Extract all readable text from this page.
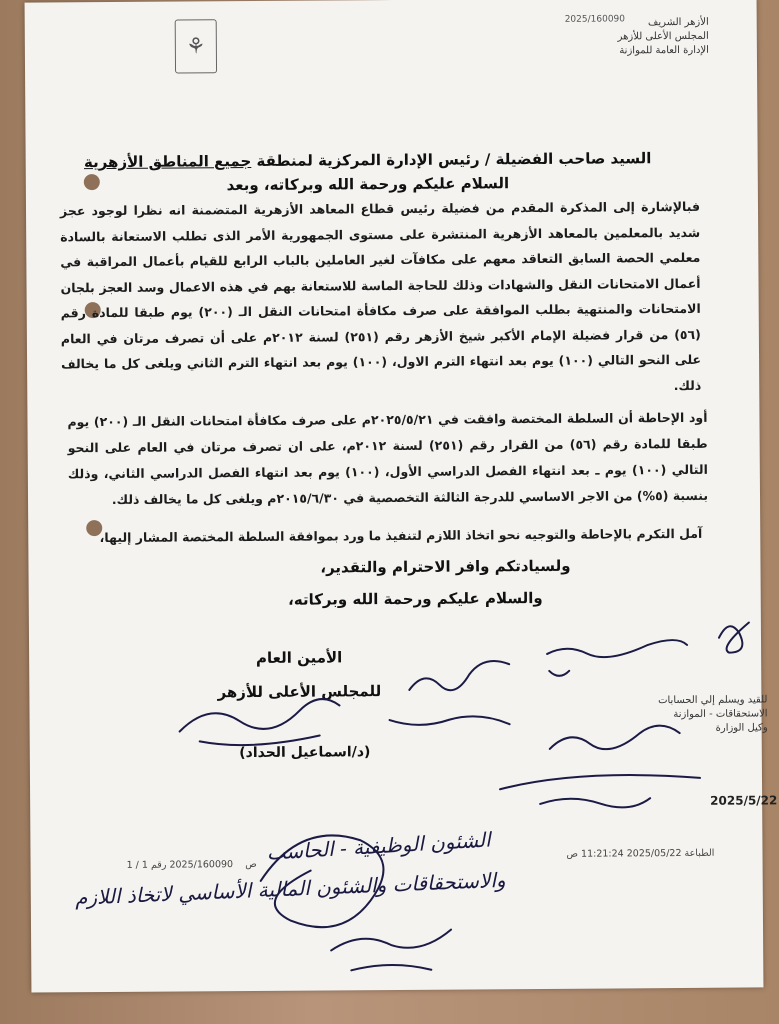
⚘
2025/160090	الأزهر الشريف
المجلس الأعلى للأزهر
الإدارة العامة للموازنة
السيد صاحب الفضيلة / رئيس الإدارة المركزية لمنطقة جميع المناطق الأزهرية
السلام عليكم ورحمة الله وبركاته، وبعد

فبالإشارة إلى المذكرة المقدم من فضيلة رئيس قطاع المعاهد الأزهرية المتضمنة انه نظرا لوجود عجز شديد بالمعلمين بالمعاهد الأزهرية المنتشرة على مستوى الجمهورية الأمر الذى تطلب الاستعانة بالسادة معلمي الحصة السابق التعاقد معهم على مكافآت لغير العاملين بالباب الرابع للقيام بأعمال المراقبة في أعمال الامتحانات النقل والشهادات وذلك للحاجة الماسة للاستعانة بهم في هذه الاعمال وسد العجز بلجان الامتحانات والمنتهية بطلب الموافقة على صرف مكافأة امتحانات النقل الـ (٢٠٠) يوم طبقا للمادة رقم (٥٦) من قرار فضيلة الإمام الأكبر شيخ الأزهر رقم (٢٥١) لسنة ٢٠١٢م على أن تصرف مرتان في العام على النحو التالي (١٠٠) يوم بعد انتهاء الترم الاول، (١٠٠) يوم بعد انتهاء الترم الثاني ويلغى كل ما يخالف ذلك.

أود الإحاطة أن السلطة المختصة وافقت في ٢٠٢٥/٥/٢١م على صرف مكافأة امتحانات النقل الـ (٢٠٠) يوم طبقا للمادة رقم (٥٦) من القرار رقم (٢٥١) لسنة ٢٠١٢م، على ان تصرف مرتان في العام على النحو التالي (١٠٠) يوم ـ بعد انتهاء الفصل الدراسي الأول، (١٠٠) يوم بعد انتهاء الفصل الدراسي الثاني، وذلك بنسبة (٥%) من الاجر الاساسي للدرجة الثالثة التخصصية في ٢٠١٥/٦/٣٠م ويلغى كل ما يخالف ذلك.

آمل التكرم بالإحاطة والتوجيه نحو اتخاذ اللازم لتنفيذ ما ورد بموافقة السلطة المختصة المشار إليها،
ولسيادتكم وافر الاحترام والتقدير،
والسلام عليكم ورحمة الله وبركاته،
الأمين العام
للمجلس الأعلى للأزهر
(د/اسماعيل الحداد)
للقيد ويسلم إلي الحسابات
الاستحقاقات - الموازنة
وكيل الوزارة
2025/5/22
الطباعة 2025/05/22 11:21:24 ص
1 / 1	ص    2025/160090 رقم
الشئون الوظيفية - الحاسب
والاستحقاقات والشئون المالية الأساسي لاتخاذ اللازم
